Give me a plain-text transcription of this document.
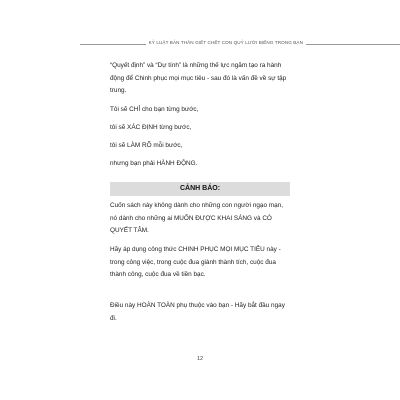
KỶ LUẬT BẢN THÂN GIẾT CHẾT CON QUỶ LƯỜI BIẾNG TRONG BẠN
“Quyết định” và “Dự tính” là những thế lực ngăm tạo ra hành động để Chinh phục mọi mục tiêu - sau đó là vấn đề về sự tập trung.
Tôi sẽ CHỈ cho bạn từng bước,
tôi sẽ XÁC ĐỊNH từng bước,
tôi sẽ LÀM RÕ mỗi bước,
nhưng bạn phải HÀNH ĐỘNG.
Cuốn sách này không dành cho những con người ngạo mạn, nó dành cho những ai MUỐN ĐƯỢC KHAI SÁNG và CÓ QUYẾT TÂM.
Hãy áp dụng công thức CHINH PHỤC MỌI MỤC TIÊU này - trong công việc, trong cuộc đua giành thành tích, cuộc đua thành công, cuộc đua về tiền bạc.
Điều này HOÀN TOÀN phụ thuộc vào bạn - Hãy bắt đầu ngay đi.
CẢNH BÁO:
12
